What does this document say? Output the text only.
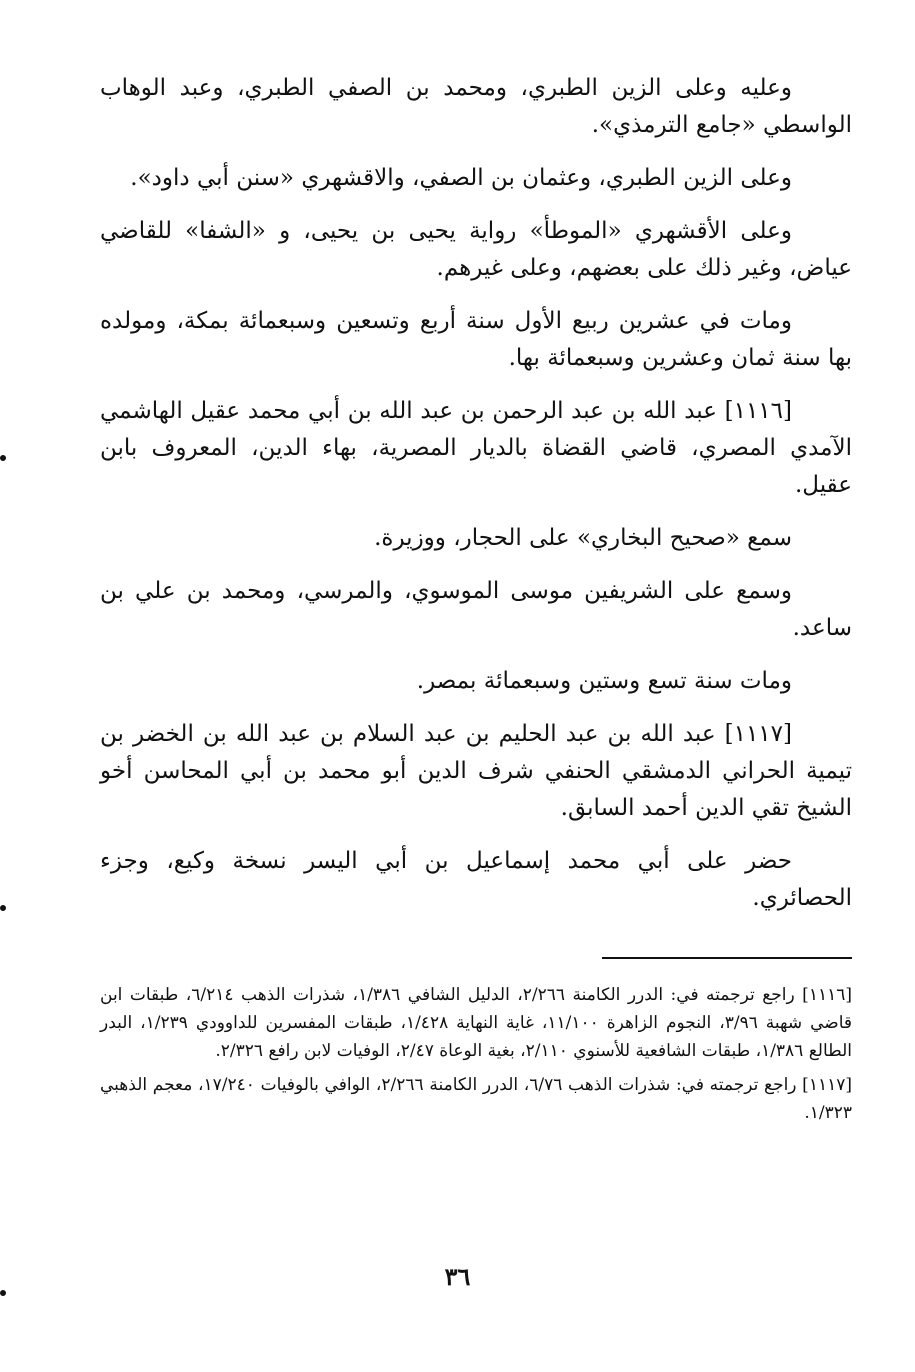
وعليه وعلى الزين الطبري، ومحمد بن الصفي الطبري، وعبد الوهاب الواسطي «جامع الترمذي».

وعلى الزين الطبري، وعثمان بن الصفي، والاقشهري «سنن أبي داود».

وعلى الأقشهري «الموطأ» رواية يحيى بن يحيى، و «الشفا» للقاضي عياض، وغير ذلك على بعضهم، وعلى غيرهم.

ومات في عشرين ربيع الأول سنة أربع وتسعين وسبعمائة بمكة، ومولده بها سنة ثمان وعشرين وسبعمائة بها.

[١١١٦] عبد الله بن عبد الرحمن بن عبد الله بن أبي محمد عقيل الهاشمي الآمدي المصري، قاضي القضاة بالديار المصرية، بهاء الدين، المعروف بابن عقيل.

سمع «صحيح البخاري» على الحجار، ووزيرة.

وسمع على الشريفين موسى الموسوي، والمرسي، ومحمد بن علي بن ساعد.

ومات سنة تسع وستين وسبعمائة بمصر.

[١١١٧] عبد الله بن عبد الحليم بن عبد السلام بن عبد الله بن الخضر بن تيمية الحراني الدمشقي الحنفي شرف الدين أبو محمد بن أبي المحاسن أخو الشيخ تقي الدين أحمد السابق.

حضر على أبي محمد إسماعيل بن أبي اليسر نسخة وكيع، وجزء الحصائري.

[١١١٦] راجع ترجمته في: الدرر الكامنة ٢/٢٦٦، الدليل الشافي ١/٣٨٦، شذرات الذهب ٦/٢١٤، طبقات ابن قاضي شهبة ٣/٩٦، النجوم الزاهرة ١١/١٠٠، غاية النهاية ١/٤٢٨، طبقات المفسرين للداوودي ١/٢٣٩، البدر الطالع ١/٣٨٦، طبقات الشافعية للأسنوي ٢/١١٠، بغية الوعاة ٢/٤٧، الوفيات لابن رافع ٢/٣٢٦.

[١١١٧] راجع ترجمته في: شذرات الذهب ٦/٧٦، الدرر الكامنة ٢/٢٦٦، الوافي بالوفيات ١٧/٢٤٠، معجم الذهبي ١/٣٢٣.

٣٦
